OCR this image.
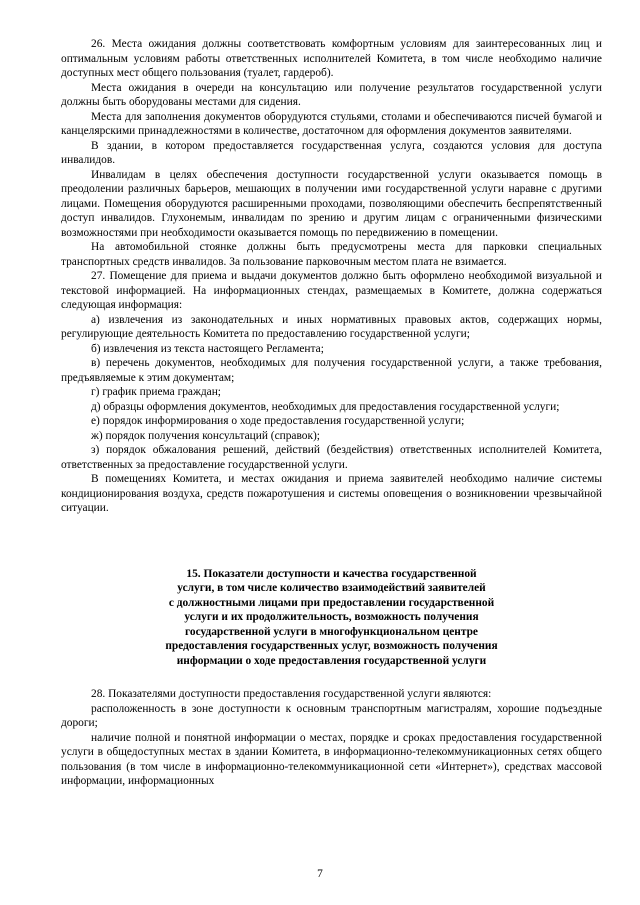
26. Места ожидания должны соответствовать комфортным условиям для заинтересованных лиц и оптимальным условиям работы ответственных исполнителей Комитета, в том числе необходимо наличие доступных мест общего пользования (туалет, гардероб).

Места ожидания в очереди на консультацию или получение результатов государственной услуги должны быть оборудованы местами для сидения.

Места для заполнения документов оборудуются стульями, столами и обеспечиваются писчей бумагой и канцелярскими принадлежностями в количестве, достаточном для оформления документов заявителями.

В здании, в котором предоставляется государственная услуга, создаются условия для доступа инвалидов.

Инвалидам в целях обеспечения доступности государственной услуги оказывается помощь в преодолении различных барьеров, мешающих в получении ими государственной услуги наравне с другими лицами. Помещения оборудуются расширенными проходами, позволяющими обеспечить беспрепятственный доступ инвалидов. Глухонемым, инвалидам по зрению и другим лицам с ограниченными физическими возможностями при необходимости оказывается помощь по передвижению в помещении.

На автомобильной стоянке должны быть предусмотрены места для парковки специальных транспортных средств инвалидов. За пользование парковочным местом плата не взимается.

27. Помещение для приема и выдачи документов должно быть оформлено необходимой визуальной и текстовой информацией. На информационных стендах, размещаемых в Комитете, должна содержаться следующая информация:

а) извлечения из законодательных и иных нормативных правовых актов, содержащих нормы, регулирующие деятельность Комитета по предоставлению государственной услуги;

б) извлечения из текста настоящего Регламента;

в) перечень документов, необходимых для получения государственной услуги, а также требования, предъявляемые к этим документам;

г) график приема граждан;

д) образцы оформления документов, необходимых для предоставления государственной услуги;

е) порядок информирования о ходе предоставления государственной услуги;

ж) порядок получения консультаций (справок);

з) порядок обжалования решений, действий (бездействия) ответственных исполнителей Комитета, ответственных за предоставление государственной услуги.

В помещениях Комитета, и местах ожидания и приема заявителей необходимо наличие системы кондиционирования воздуха, средств пожаротушения и системы оповещения о возникновении чрезвычайной ситуации.

15. Показатели доступности и качества государственной
услуги, в том числе количество взаимодействий заявителей
с должностными лицами при предоставлении государственной
услуги и их продолжительность, возможность получения
государственной услуги в многофункциональном центре
предоставления государственных услуг, возможность получения
информации о ходе предоставления государственной услуги

28. Показателями доступности предоставления государственной услуги являются:

расположенность в зоне доступности к основным транспортным магистралям, хорошие подъездные дороги;

наличие полной и понятной информации о местах, порядке и сроках предоставления государственной услуги в общедоступных местах в здании Комитета, в информационно-телекоммуникационных сетях общего пользования (в том числе в информационно-телекоммуникационной сети «Интернет»), средствах массовой информации, информационных

7
